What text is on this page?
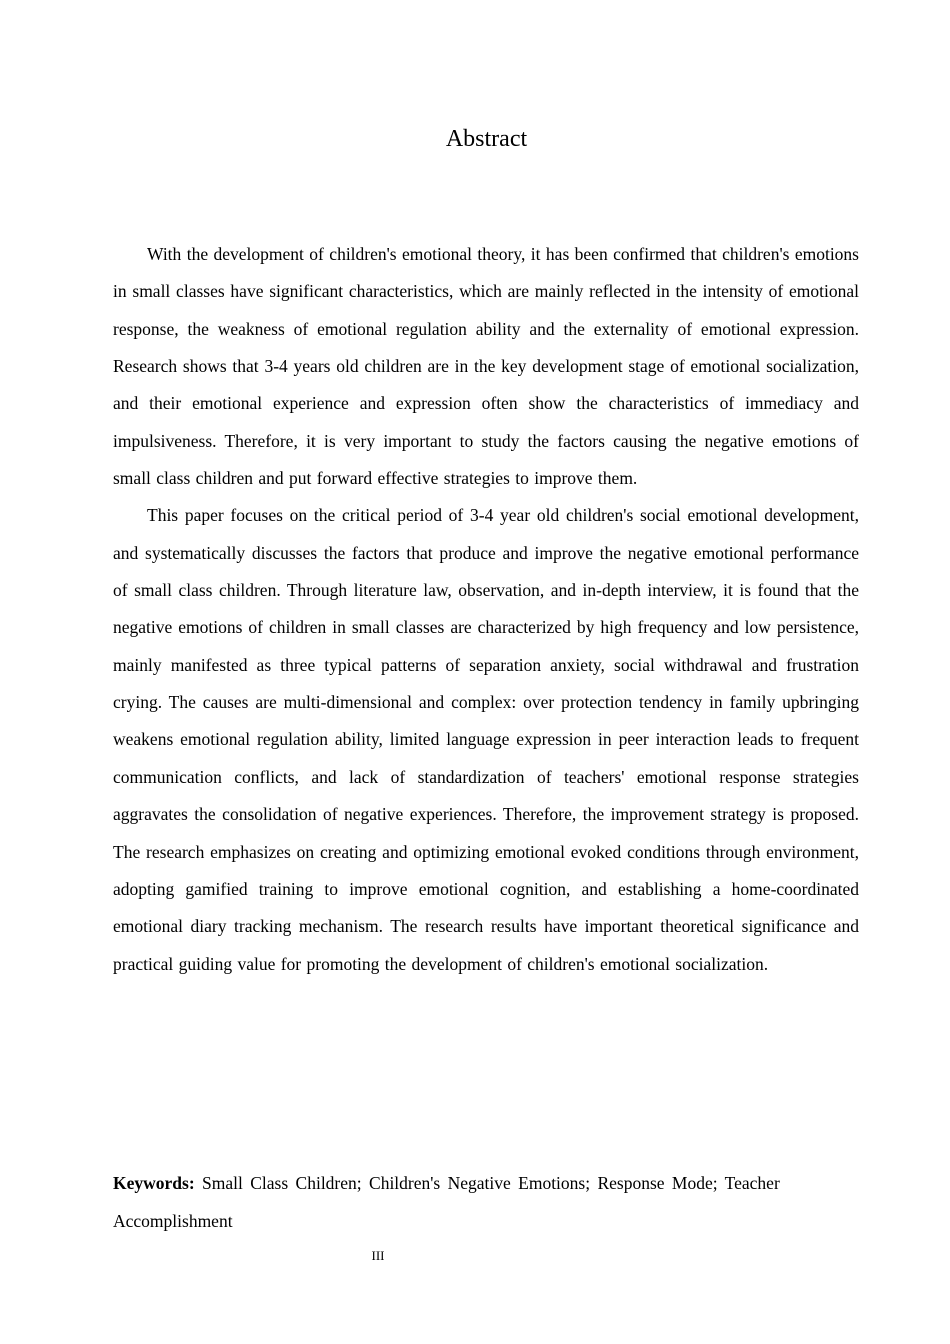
Abstract

With the development of children's emotional theory, it has been confirmed that children's emotions in small classes have significant characteristics, which are mainly reflected in the intensity of emotional response, the weakness of emotional regulation ability and the externality of emotional expression. Research shows that 3-4 years old children are in the key development stage of emotional socialization, and their emotional experience and expression often show the characteristics of immediacy and impulsiveness. Therefore, it is very important to study the factors causing the negative emotions of small class children and put forward effective strategies to improve them.

This paper focuses on the critical period of 3-4 year old children's social emotional development, and systematically discusses the factors that produce and improve the negative emotional performance of small class children. Through literature law, observation, and in-depth interview, it is found that the negative emotions of children in small classes are characterized by high frequency and low persistence, mainly manifested as three typical patterns of separation anxiety, social withdrawal and frustration crying. The causes are multi-dimensional and complex: over protection tendency in family upbringing weakens emotional regulation ability, limited language expression in peer interaction leads to frequent communication conflicts, and lack of standardization of teachers' emotional response strategies aggravates the consolidation of negative experiences. Therefore, the improvement strategy is proposed. The research emphasizes on creating and optimizing emotional evoked conditions through environment, adopting gamified training to improve emotional cognition, and establishing a home-coordinated emotional diary tracking mechanism. The research results have important theoretical significance and practical guiding value for promoting the development of children's emotional socialization.

Keywords: Small Class Children; Children's Negative Emotions; Response Mode; Teacher Accomplishment

III
